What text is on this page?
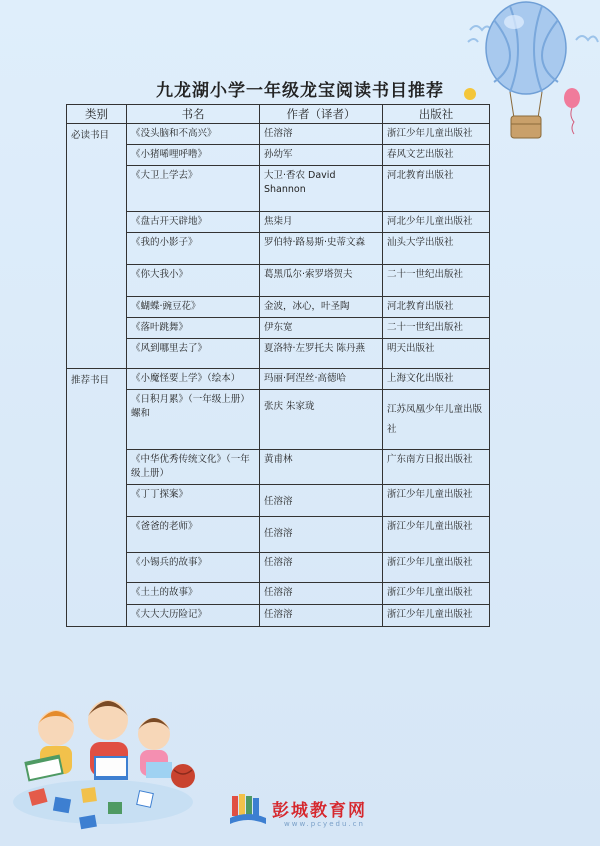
九龙湖小学一年级龙宝阅读书目推荐
类别	书名	作者（译者）	出版社
必读书目	《没头脑和不高兴》	任溶溶	浙江少年儿童出版社
	《小猪唏哩呼噜》	孙幼军	春风文艺出版社
	《大卫上学去》	大卫·香农 David Shannon	河北教育出版社
	《盘古开天辟地》	焦柒月	河北少年儿童出版社
	《我的小影子》	罗伯特·路易斯·史蒂文森	汕头大学出版社
	《你大我小》	葛黑瓜尔·索罗塔贺夫	二十一世纪出版社
	《蝴蝶·豌豆花》	金波，冰心，叶圣陶	河北教育出版社
	《落叶跳舞》	伊东宽	二十一世纪出版社
	《风到哪里去了》	夏洛特·左罗托夫 陈丹燕	明天出版社
推荐书目	《小魔怪要上学》（绘本）	玛丽·阿涅丝·高德哈	上海文化出版社
	《日积月累》（一年级上册）螺和	张庆 朱家珑	江苏凤凰少年儿童出版社
	《中华优秀传统文化》（一年级上册）	黄甫林	广东南方日报出版社
	《丁丁探案》	任溶溶	浙江少年儿童出版社
	《爸爸的老师》	任溶溶	浙江少年儿童出版社
	《小锡兵的故事》	任溶溶	浙江少年儿童出版社
	《土土的故事》	任溶溶	浙江少年儿童出版社
	《大大大历险记》	任溶溶	浙江少年儿童出版社
彭城教育网
www.pcyedu.cn
